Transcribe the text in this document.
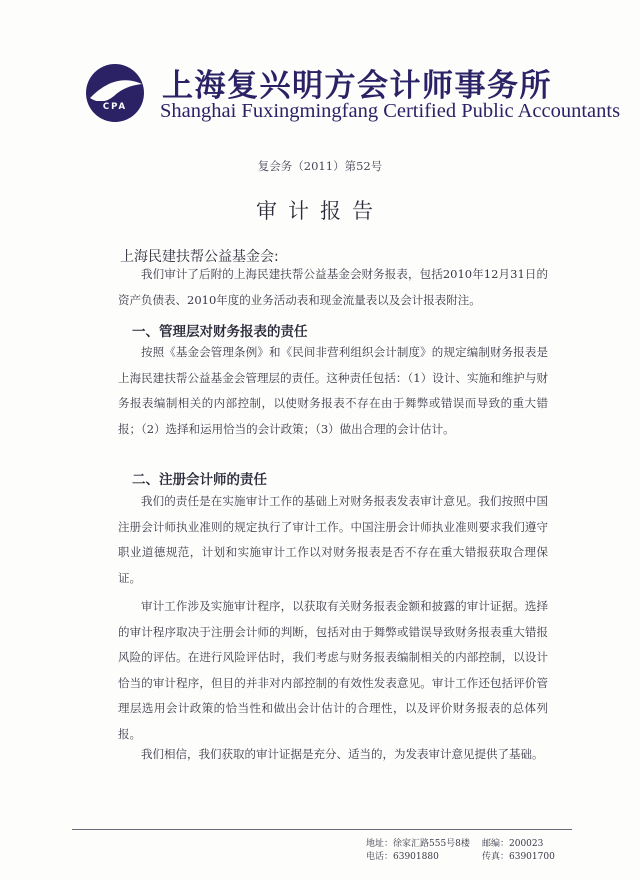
CPA
上海复兴明方会计师事务所
Shanghai Fuxingmingfang Certified Public Accountants
复会务（2011）第52号
审计报告
上海民建扶帮公益基金会:

我们审计了后附的上海民建扶帮公益基金会财务报表，包括2010年12月31日的资产负债表、2010年度的业务活动表和现金流量表以及会计报表附注。

一、管理层对财务报表的责任

按照《基金会管理条例》和《民间非营利组织会计制度》的规定编制财务报表是上海民建扶帮公益基金会管理层的责任。这种责任包括：（1）设计、实施和维护与财务报表编制相关的内部控制，以使财务报表不存在由于舞弊或错误而导致的重大错报；（2）选择和运用恰当的会计政策；（3）做出合理的会计估计。

二、注册会计师的责任

我们的责任是在实施审计工作的基础上对财务报表发表审计意见。我们按照中国注册会计师执业准则的规定执行了审计工作。中国注册会计师执业准则要求我们遵守职业道德规范，计划和实施审计工作以对财务报表是否不存在重大错报获取合理保证。

审计工作涉及实施审计程序，以获取有关财务报表金额和披露的审计证据。选择的审计程序取决于注册会计师的判断，包括对由于舞弊或错误导致财务报表重大错报风险的评估。在进行风险评估时，我们考虑与财务报表编制相关的内部控制，以设计恰当的审计程序，但目的并非对内部控制的有效性发表意见。审计工作还包括评价管理层选用会计政策的恰当性和做出会计估计的合理性，以及评价财务报表的总体列报。

我们相信，我们获取的审计证据是充分、适当的，为发表审计意见提供了基础。

地址：徐家汇路555号8楼 邮编：200023
电话：63901880	传真：63901700
